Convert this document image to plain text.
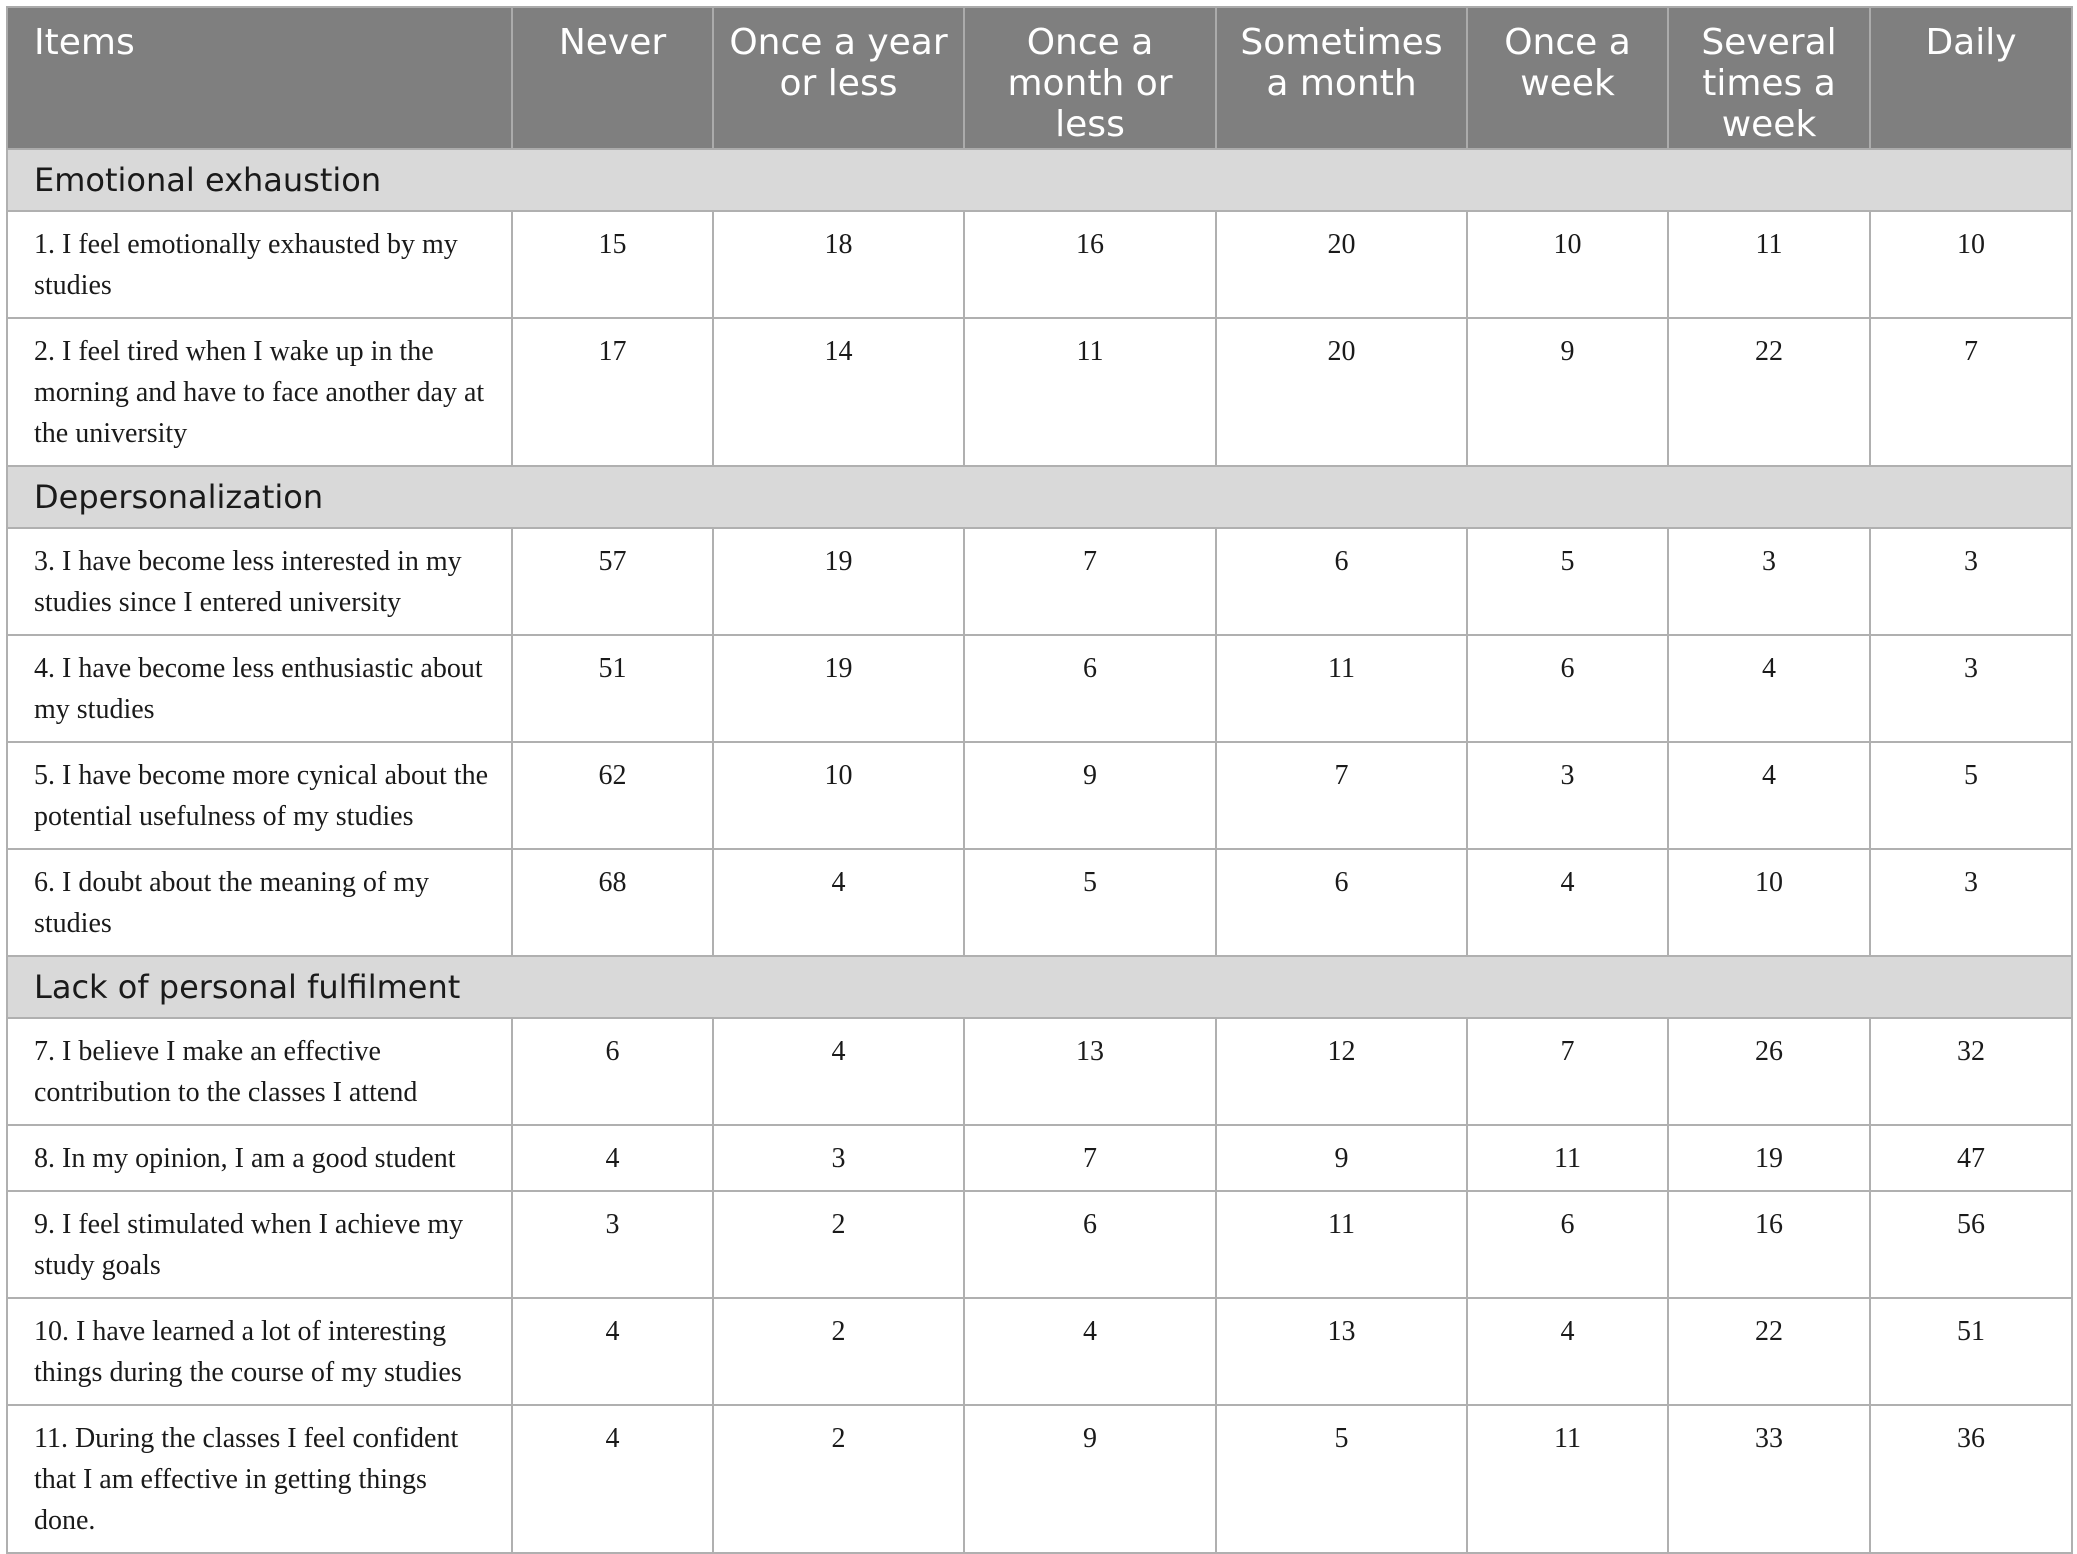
Items	Never	Once a year or less	Once a month or less	Sometimes a month	Once a week	Several times a week	Daily
Emotional exhaustion							
1. I feel emotionally exhausted by my studies	15	18	16	20	10	11	10
2. I feel tired when I wake up in the morning and have to face another day at the university	17	14	11	20	9	22	7
Depersonalization							
3. I have become less interested in my studies since I entered university	57	19	7	6	5	3	3
4. I have become less enthusiastic about my studies	51	19	6	11	6	4	3
5. I have become more cynical about the potential usefulness of my studies	62	10	9	7	3	4	5
6. I doubt about the meaning of my studies	68	4	5	6	4	10	3
Lack of personal fulfilment							
7. I believe I make an effective contribution to the classes I attend	6	4	13	12	7	26	32
8. In my opinion, I am a good student	4	3	7	9	11	19	47
9. I feel stimulated when I achieve my study goals	3	2	6	11	6	16	56
10. I have learned a lot of interesting things during the course of my studies	4	2	4	13	4	22	51
11. During the classes I feel confident that I am effective in getting things done.	4	2	9	5	11	33	36
